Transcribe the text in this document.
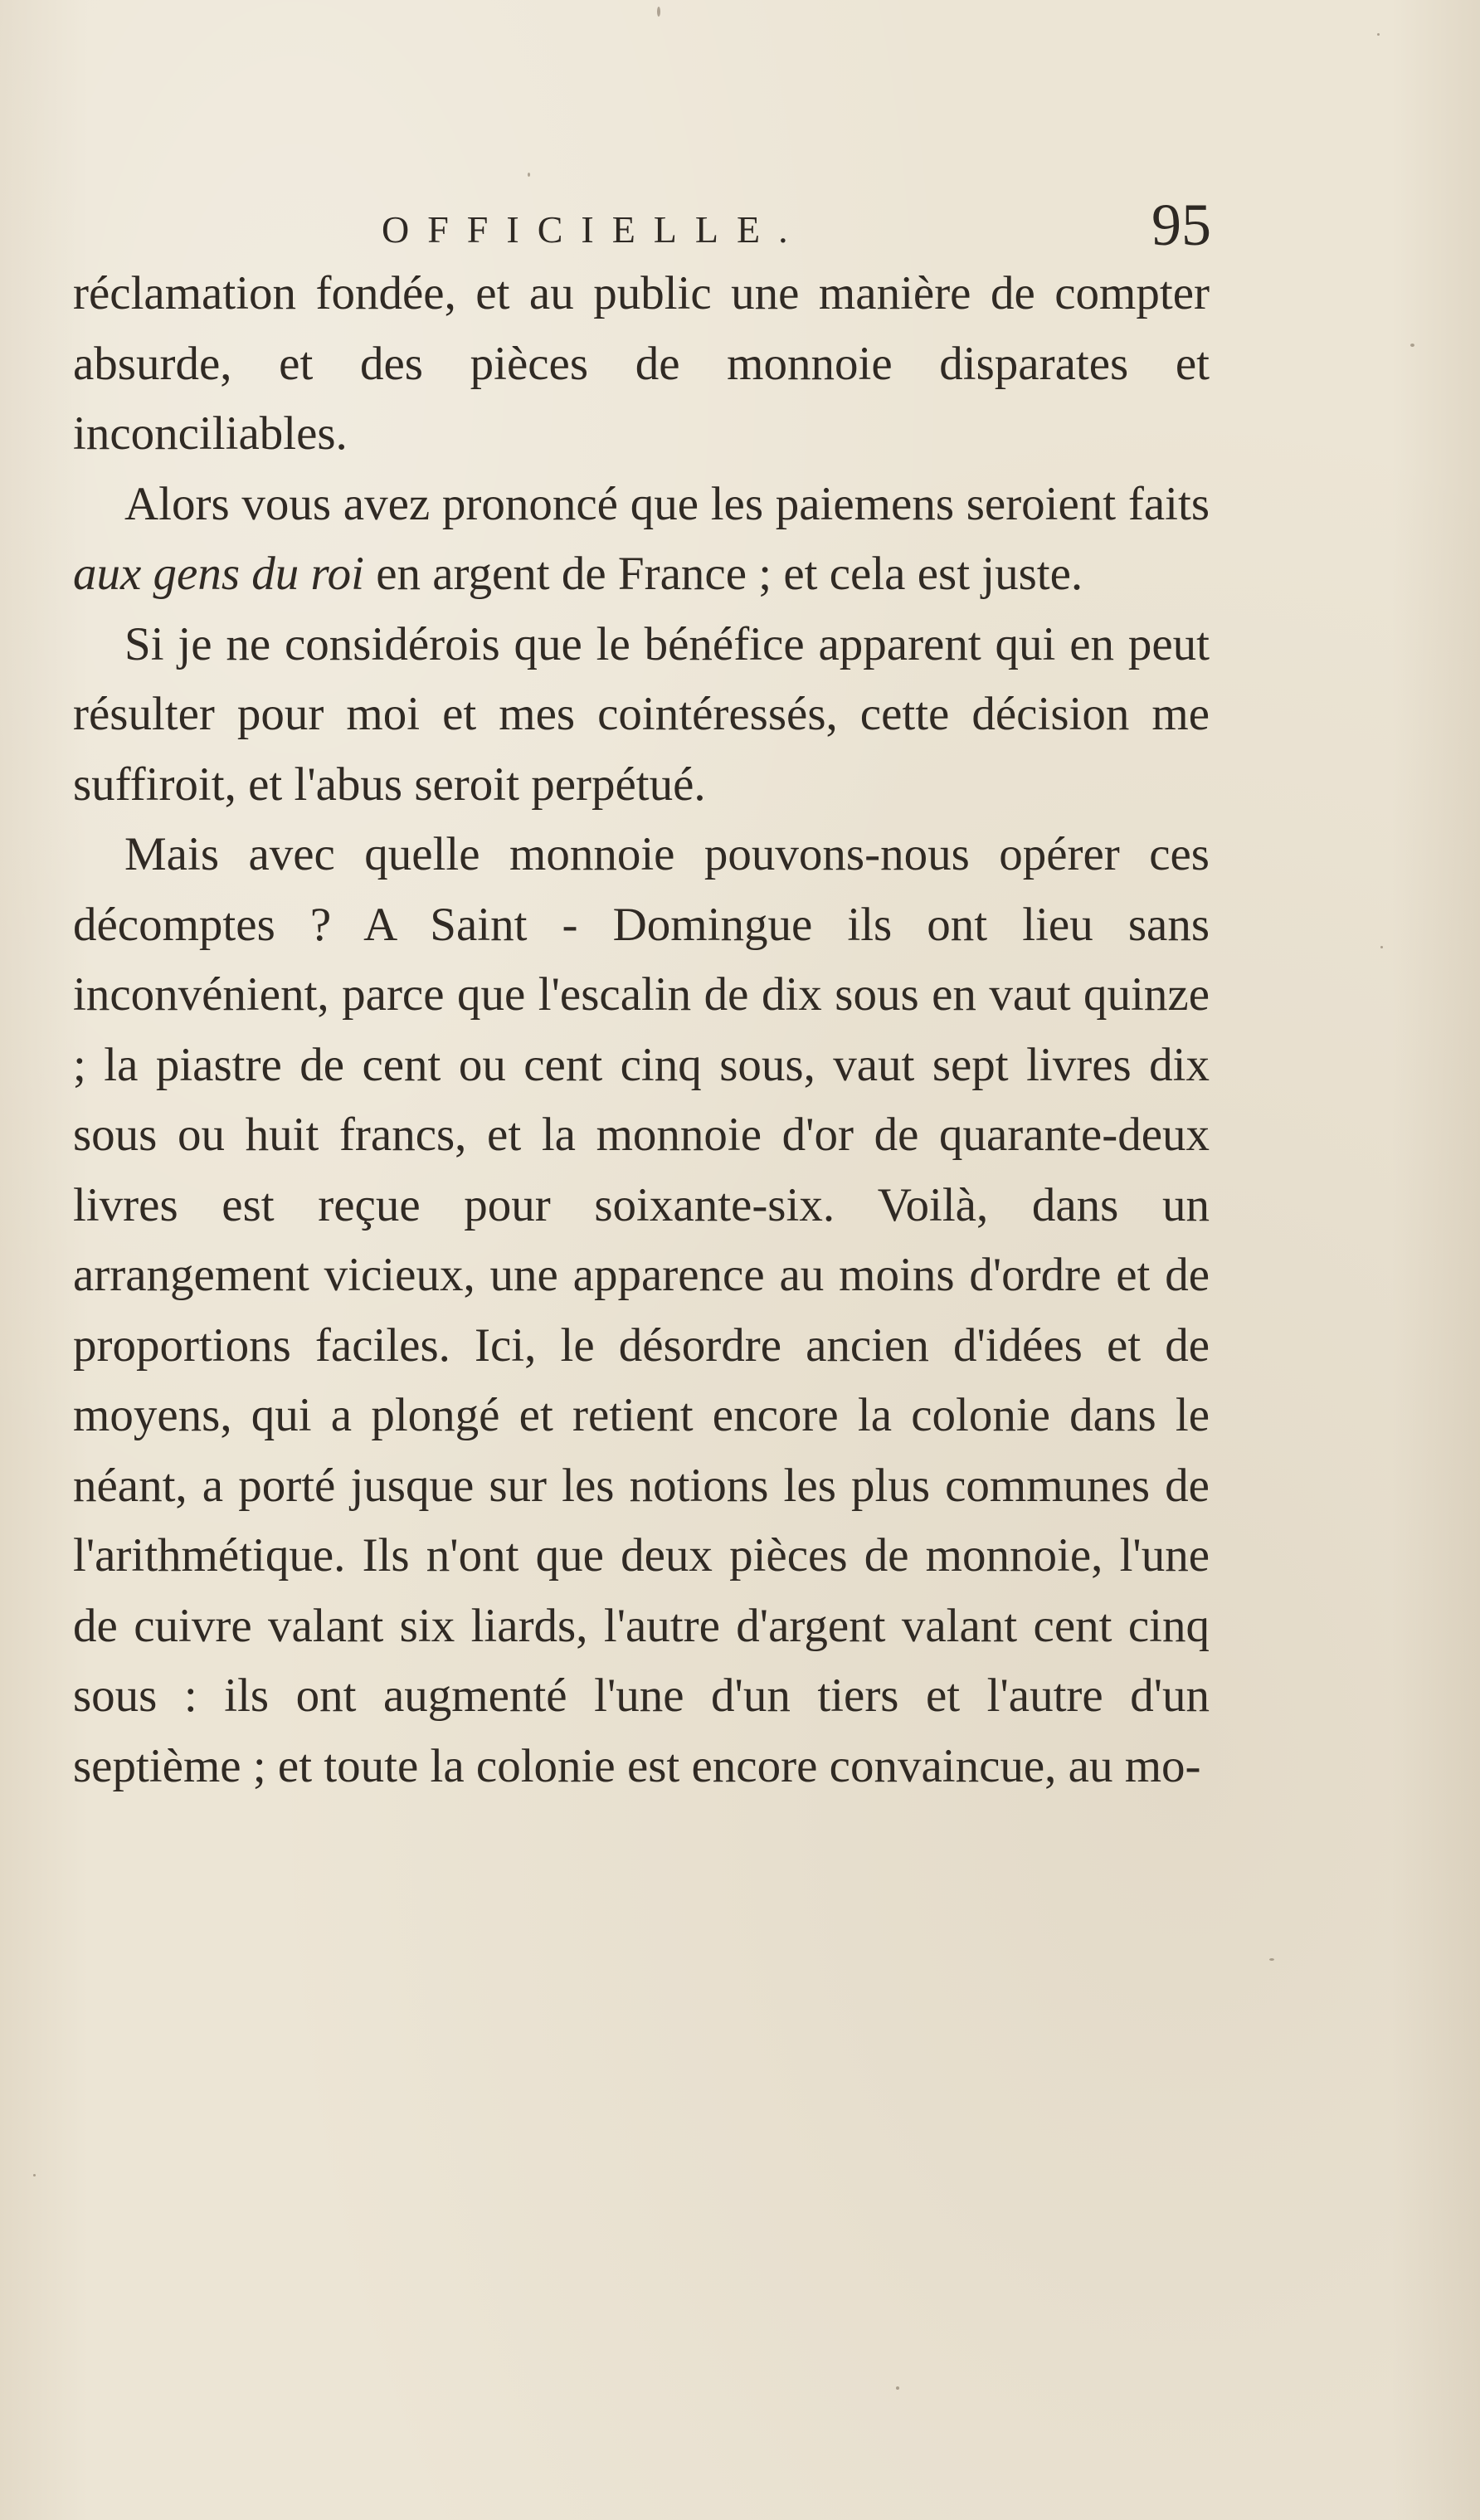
OFFICIELLE.	95

réclamation fondée, et au public une manière de compter absurde, et des pièces de monnoie disparates et inconciliables.

Alors vous avez prononcé que les paiemens seroient faits aux gens du roi en argent de France ; et cela est juste.

Si je ne considérois que le bénéfice apparent qui en peut résulter pour moi et mes cointéressés, cette décision me suffiroit, et l'abus seroit perpétué.

Mais avec quelle monnoie pouvons-nous opérer ces décomptes ? A Saint - Domingue ils ont lieu sans inconvénient, parce que l'escalin de dix sous en vaut quinze ; la piastre de cent ou cent cinq sous, vaut sept livres dix sous ou huit francs, et la monnoie d'or de quarante-deux livres est reçue pour soixante-six. Voilà, dans un arrangement vicieux, une apparence au moins d'ordre et de proportions faciles. Ici, le désordre ancien d'idées et de moyens, qui a plongé et retient encore la colonie dans le néant, a porté jusque sur les notions les plus communes de l'arithmétique. Ils n'ont que deux pièces de monnoie, l'une de cuivre valant six liards, l'autre d'argent valant cent cinq sous : ils ont augmenté l'une d'un tiers et l'autre d'un septième ; et toute la colonie est encore convaincue, au mo-
